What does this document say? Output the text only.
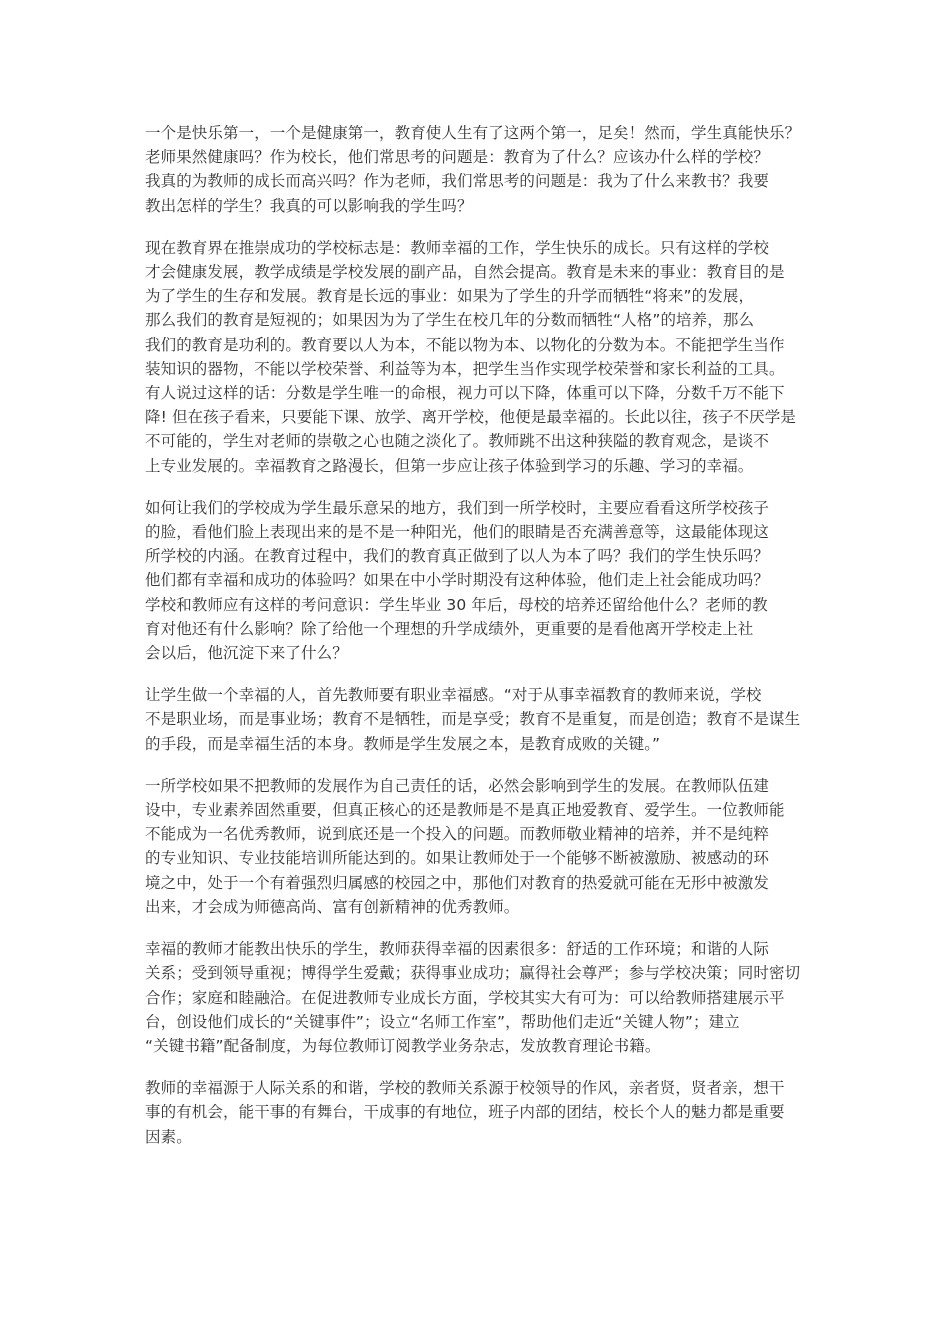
一个是快乐第一，一个是健康第一，教育使人生有了这两个第一，足矣！然而，学生真能快乐？
老师果然健康吗？作为校长，他们常思考的问题是：教育为了什么？应该办什么样的学校？
我真的为教师的成长而高兴吗？作为老师，我们常思考的问题是：我为了什么来教书？我要
教出怎样的学生？我真的可以影响我的学生吗？

现在教育界在推崇成功的学校标志是：教师幸福的工作，学生快乐的成长。只有这样的学校
才会健康发展，教学成绩是学校发展的副产品，自然会提高。教育是未来的事业：教育目的是
为了学生的生存和发展。教育是长远的事业：如果为了学生的升学而牺牲“将来”的发展，
那么我们的教育是短视的；如果因为为了学生在校几年的分数而牺牲“人格”的培养，那么
我们的教育是功利的。教育要以人为本，不能以物为本、以物化的分数为本。不能把学生当作
装知识的器物，不能以学校荣誉、利益等为本，把学生当作实现学校荣誉和家长利益的工具。
有人说过这样的话：分数是学生唯一的命根，视力可以下降，体重可以下降，分数千万不能下
降! 但在孩子看来，只要能下课、放学、离开学校，他便是最幸福的。长此以往，孩子不厌学是
不可能的，学生对老师的崇敬之心也随之淡化了。教师跳不出这种狭隘的教育观念，是谈不
上专业发展的。幸福教育之路漫长，但第一步应让孩子体验到学习的乐趣、学习的幸福。

如何让我们的学校成为学生最乐意呆的地方，我们到一所学校时，主要应看看这所学校孩子
的脸，看他们脸上表现出来的是不是一种阳光，他们的眼睛是否充满善意等，这最能体现这
所学校的内涵。在教育过程中，我们的教育真正做到了以人为本了吗？我们的学生快乐吗？
他们都有幸福和成功的体验吗？如果在中小学时期没有这种体验，他们走上社会能成功吗？
学校和教师应有这样的考问意识：学生毕业 30 年后，母校的培养还留给他什么？老师的教
育对他还有什么影响？除了给他一个理想的升学成绩外，更重要的是看他离开学校走上社
会以后，他沉淀下来了什么？

让学生做一个幸福的人，首先教师要有职业幸福感。“对于从事幸福教育的教师来说，学校
不是职业场，而是事业场；教育不是牺牲，而是享受；教育不是重复，而是创造；教育不是谋生
的手段，而是幸福生活的本身。教师是学生发展之本，是教育成败的关键。”

一所学校如果不把教师的发展作为自己责任的话，必然会影响到学生的发展。在教师队伍建
设中，专业素养固然重要，但真正核心的还是教师是不是真正地爱教育、爱学生。一位教师能
不能成为一名优秀教师，说到底还是一个投入的问题。而教师敬业精神的培养，并不是纯粹
的专业知识、专业技能培训所能达到的。如果让教师处于一个能够不断被激励、被感动的环
境之中，处于一个有着强烈归属感的校园之中，那他们对教育的热爱就可能在无形中被激发
出来，才会成为师德高尚、富有创新精神的优秀教师。

幸福的教师才能教出快乐的学生，教师获得幸福的因素很多：舒适的工作环境；和谐的人际
关系；受到领导重视；博得学生爱戴；获得事业成功；赢得社会尊严；参与学校决策；同时密切
合作；家庭和睦融洽。在促进教师专业成长方面，学校其实大有可为：可以给教师搭建展示平
台，创设他们成长的“关键事件”；设立“名师工作室”，帮助他们走近“关键人物”；建立
“关键书籍”配备制度，为每位教师订阅教学业务杂志，发放教育理论书籍。

教师的幸福源于人际关系的和谐，学校的教师关系源于校领导的作风，亲者贤，贤者亲，想干
事的有机会，能干事的有舞台，干成事的有地位，班子内部的团结，校长个人的魅力都是重要
因素。
